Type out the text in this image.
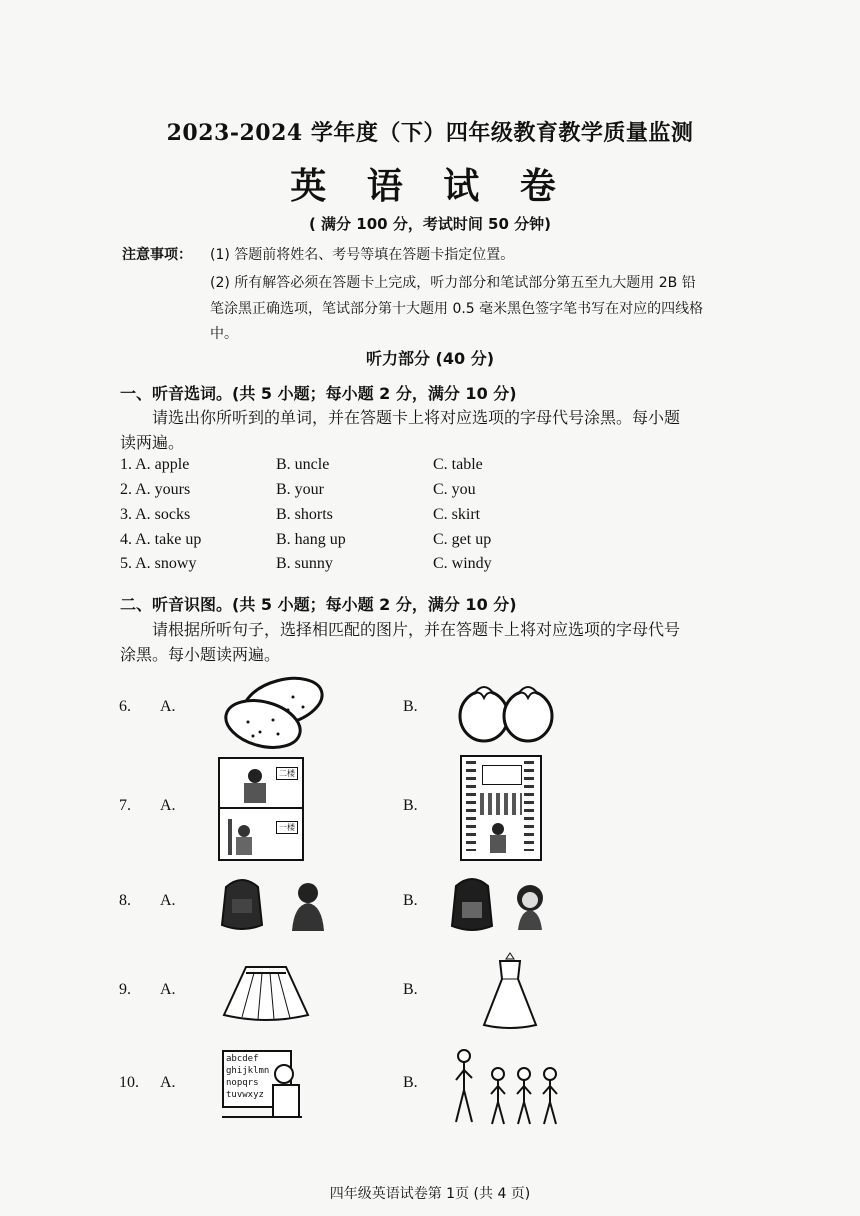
2023-2024 学年度（下）四年级教育教学质量监测
英 语 试 卷
( 满分 100 分，考试时间 50 分钟)
注意事项： (1) 答题前将姓名、考号等填在答题卡指定位置。
(2) 所有解答必须在答题卡上完成，听力部分和笔试部分第五至九大题用 2B 铅
笔涂黑正确选项，笔试部分第十大题用 0.5 毫米黑色签字笔书写在对应的四线格
中。
听力部分 (40 分)
一、听音选词。(共 5 小题；每小题 2 分，满分 10 分)
请选出你所听到的单词，并在答题卡上将对应选项的字母代号涂黑。每小题
读两遍。
1. A. apple	B. uncle	C. table
2. A. yours	B. your	C. you
3. A. socks	B. shorts	C. skirt
4. A. take up	B. hang up	C. get up
5. A. snowy	B. sunny	C. windy
二、听音识图。(共 5 小题；每小题 2 分，满分 10 分)
请根据所听句子，选择相匹配的图片，并在答题卡上将对应选项的字母代号
涂黑。每小题读两遍。
6. A.	B.
7. A.	B.
二楼
一楼
8. A.	B.
9. A.	B.
10. A.	B.
abcdef
ghijklmn
nopqrs
tuvwxyz
四年级英语试卷第 1页 (共 4 页)
